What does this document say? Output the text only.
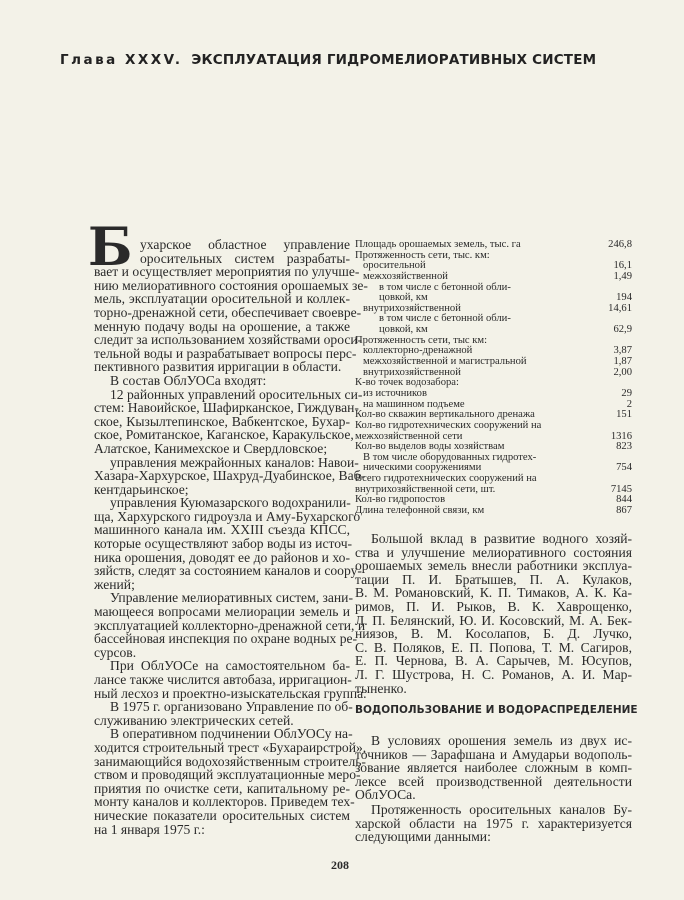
Глава XXXV. ЭКСПЛУАТАЦИЯ ГИДРОМЕЛИОРАТИВНЫХ СИСТЕМ
Б ухарское областное управление
оросительных систем разрабаты-
вает и осуществляет мероприятия по улучше-
нию мелиоративного состояния орошаемых зе-
мель, эксплуатации оросительной и коллек-
торно-дренажной сети, обеспечивает своевре-
менную подачу воды на орошение, а также
следит за использованием хозяйствами ороси-
тельной воды и разрабатывает вопросы перс-
пективного развития ирригации в области.
В состав ОблУОСа входят:
12 районных управлений оросительных си-
стем: Навоийское, Шафирканское, Гиждуван-
ское, Кызылтепинское, Вабкентское, Бухар-
ское, Ромитанское, Каганское, Каракульское,
Алатское, Канимехское и Свердловское;
управления межрайонных каналов: Навои-
Хазара-Хархурское, Шахруд-Дуабинское, Ваб-
кентдарьинское;
управления Куюмазарского водохранили-
ща, Хархурского гидроузла и Аму-Бухарского
машинного канала им. XXIII съезда КПСС,
которые осуществляют забор воды из источ-
ника орошения, доводят ее до районов и хо-
зяйств, следят за состоянием каналов и соору-
жений;
Управление мелиоративных систем, зани-
мающееся вопросами мелиорации земель и
эксплуатацией коллекторно-дренажной сети, и
бассейновая инспекция по охране водных ре-
сурсов.
При ОблУОСе на самостоятельном ба-
лансе также числится автобаза, ирригацион-
ный лесхоз и проектно-изыскательская группа.
В 1975 г. организовано Управление по об-
служиванию электрических сетей.
В оперативном подчинении ОблУОСу на-
ходится строительный трест «Бухараирстрой»,
занимающийся водохозяйственным строитель-
ством и проводящий эксплуатационные меро-
приятия по очистке сети, капитальному ре-
монту каналов и коллекторов. Приведем тех-
нические показатели оросительных систем
на 1 января 1975 г.:
Площадь орошаемых земель, тыс. га	246,8
Протяженность сети, тыс. км:
оросительной	16,1
межхозяйственной	1,49
в том числе с бетонной обли-
цовкой, км	194
внутрихозяйственной	14,61
в том числе с бетонной обли-
цовкой, км	62,9
Протяженность сети, тыс км:
коллекторно-дренажной	3,87
межхозяйственной и магистральной	1,87
внутрихозяйственной	2,00
К-во точек водозабора:
из источников	29
на машинном подъеме	2
Кол-во скважин вертикального дренажа	151
Кол-во гидротехнических сооружений на
межхозяйственной сети	1316
Кол-во выделов воды хозяйствам	823
В том числе оборудованных гидротех-
ническими сооружениями	754
Всего гидротехнических сооружений на
внутрихозяйственной сети, шт.	7145
Кол-во гидропостов	844
Длина телефонной связи, км	867
Большой вклад в развитие водного хозяй-
ства и улучшение мелиоративного состояния
орошаемых земель внесли работники эксплуа-
тации П. И. Братышев, П. А. Кулаков,
В. М. Романовский, К. П. Тимаков, А. К. Ка-
римов, П. И. Рыков, В. К. Хаврощенко,
Л. П. Белянский, Ю. И. Косовский, М. А. Бек-
ниязов, В. М. Косолапов, Б. Д. Лучко,
С. В. Поляков, Е. П. Попова, Т. М. Сагиров,
Е. П. Чернова, В. А. Сарычев, М. Юсупов,
Л. Г. Шустрова, Н. С. Романов, А. И. Мар-
тыненко.
ВОДОПОЛЬЗОВАНИЕ И ВОДОРАСПРЕДЕЛЕНИЕ
В условиях орошения земель из двух ис-
точников — Зарафшана и Амударьи водополь-
зование является наиболее сложным в комп-
лексе всей производственной деятельности
ОблУОСа.
Протяженность оросительных каналов Бу-
харской области на 1975 г. характеризуется
следующими данными:
208
